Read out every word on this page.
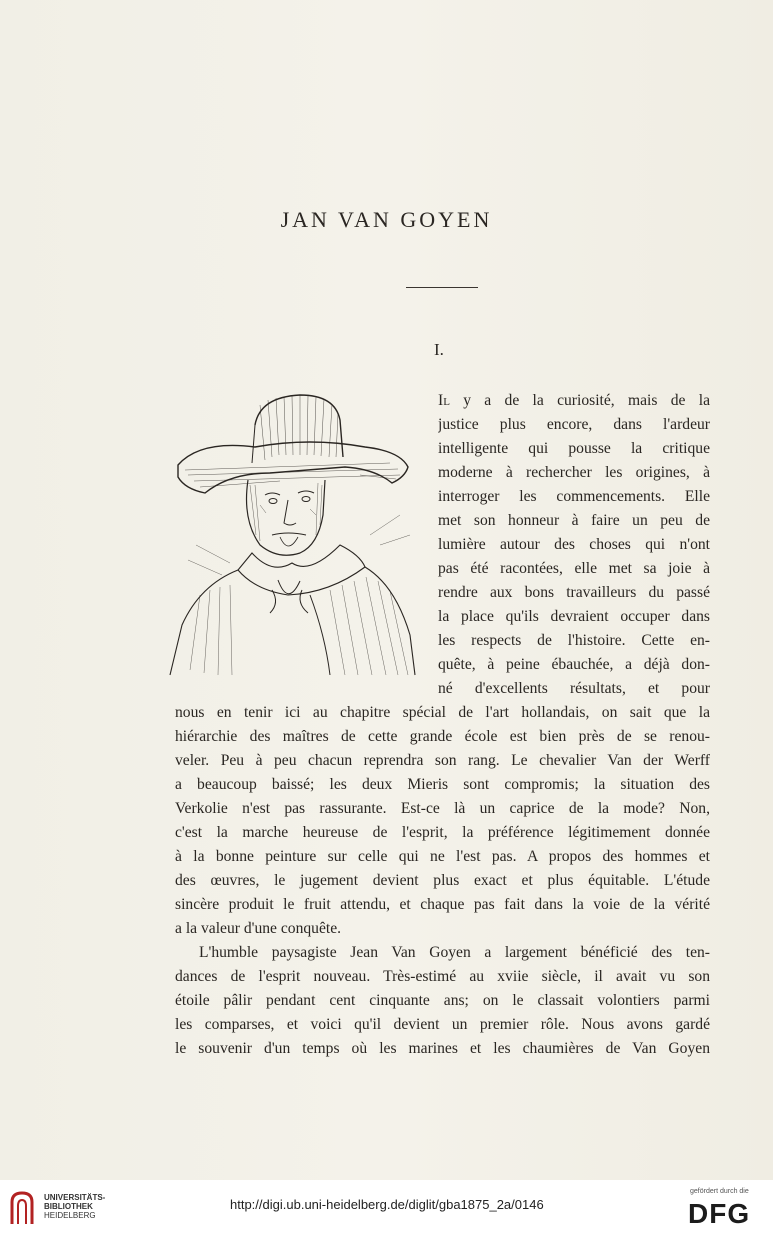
JAN VAN GOYEN
I.
Il y a de la curiosité, mais de la
justice plus encore, dans l'ardeur
intelligente qui pousse la critique
moderne à rechercher les origines, à
interroger les commencements. Elle
met son honneur à faire un peu de
lumière autour des choses qui n'ont
pas été racontées, elle met sa joie à
rendre aux bons travailleurs du passé
la place qu'ils devraient occuper dans
les respects de l'histoire. Cette en-
quête, à peine ébauchée, a déjà don-
né d'excellents résultats, et pour
nous en tenir ici au chapitre spécial de l'art hollandais, on sait que la
hiérarchie des maîtres de cette grande école est bien près de se renou-
veler. Peu à peu chacun reprendra son rang. Le chevalier Van der Werff
a beaucoup baissé; les deux Mieris sont compromis; la situation des
Verkolie n'est pas rassurante. Est-ce là un caprice de la mode? Non,
c'est la marche heureuse de l'esprit, la préférence légitimement donnée
à la bonne peinture sur celle qui ne l'est pas. A propos des hommes et
des œuvres, le jugement devient plus exact et plus équitable. L'étude
sincère produit le fruit attendu, et chaque pas fait dans la voie de la vérité
a la valeur d'une conquête.
L'humble paysagiste Jean Van Goyen a largement bénéficié des ten-
dances de l'esprit nouveau. Très-estimé au xviie siècle, il avait vu son
étoile pâlir pendant cent cinquante ans; on le classait volontiers parmi
les comparses, et voici qu'il devient un premier rôle. Nous avons gardé
le souvenir d'un temps où les marines et les chaumières de Van Goyen
UNIVERSITÄTS-
BIBLIOTHEK
HEIDELBERG
http://digi.ub.uni-heidelberg.de/diglit/gba1875_2a/0146
gefördert durch die
DFG
